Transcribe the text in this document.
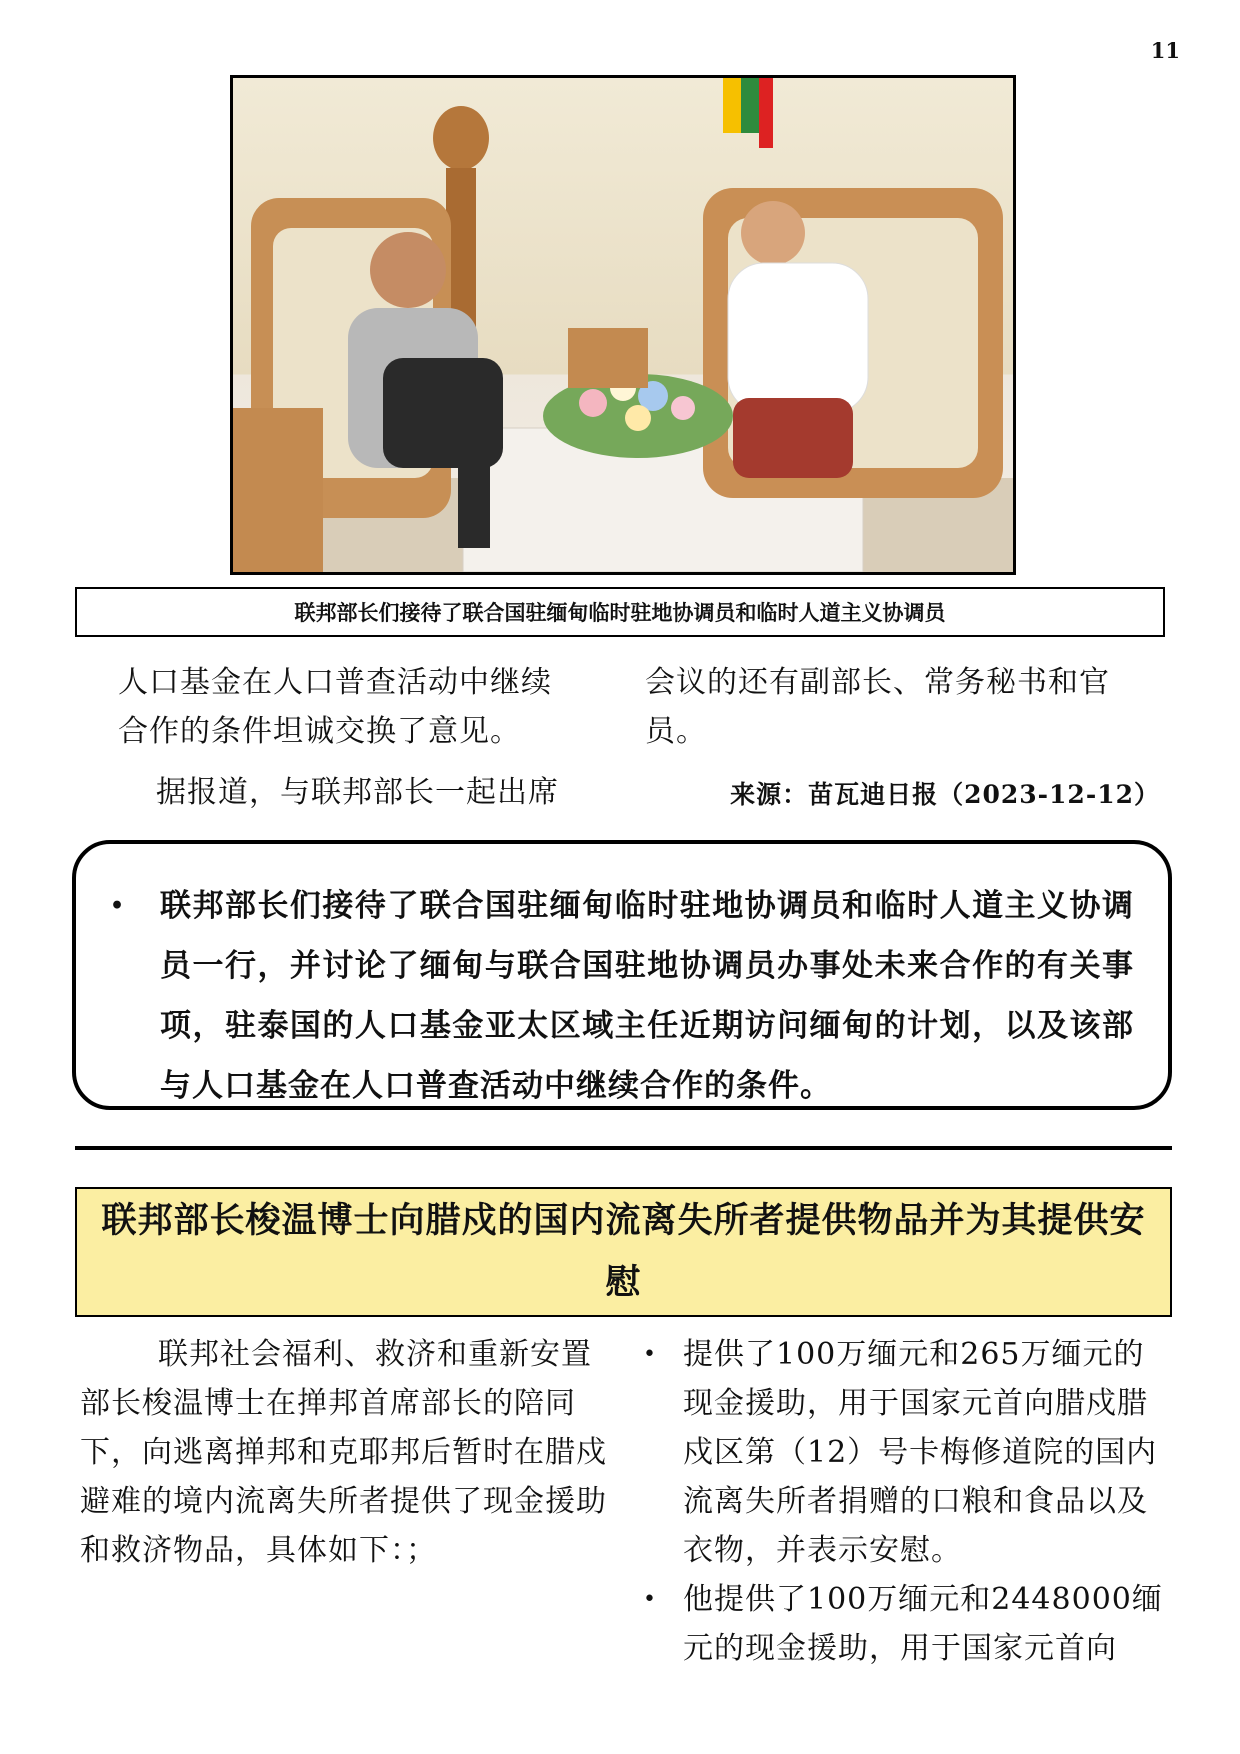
11
联邦部长们接待了联合国驻缅甸临时驻地协调员和临时人道主义协调员

人口基金在人口普查活动中继续

合作的条件坦诚交换了意见。

据报道，与联邦部长一起出席

会议的还有副部长、常务秘书和官

员。

来源：苗瓦迪日报（2023-12-12）

• 联邦部长们接待了联合国驻缅甸临时驻地协调员和临时人道主义协调员一行，并讨论了缅甸与联合国驻地协调员办事处未来合作的有关事项，驻泰国的人口基金亚太区域主任近期访问缅甸的计划，以及该部与人口基金在人口普查活动中继续合作的条件。
联邦部长梭温博士向腊戍的国内流离失所者提供物品并为其提供安慰

联邦社会福利、救济和重新安置部长梭温博士在掸邦首席部长的陪同下，向逃离掸邦和克耶邦后暂时在腊戍避难的境内流离失所者提供了现金援助和救济物品，具体如下：；

• 提供了100万缅元和265万缅元的现金援助，用于国家元首向腊戍腊戍区第（12）号卡梅修道院的国内流离失所者捐赠的口粮和食品以及衣物，并表示安慰。
• 他提供了100万缅元和2448000缅元的现金援助，用于国家元首向
